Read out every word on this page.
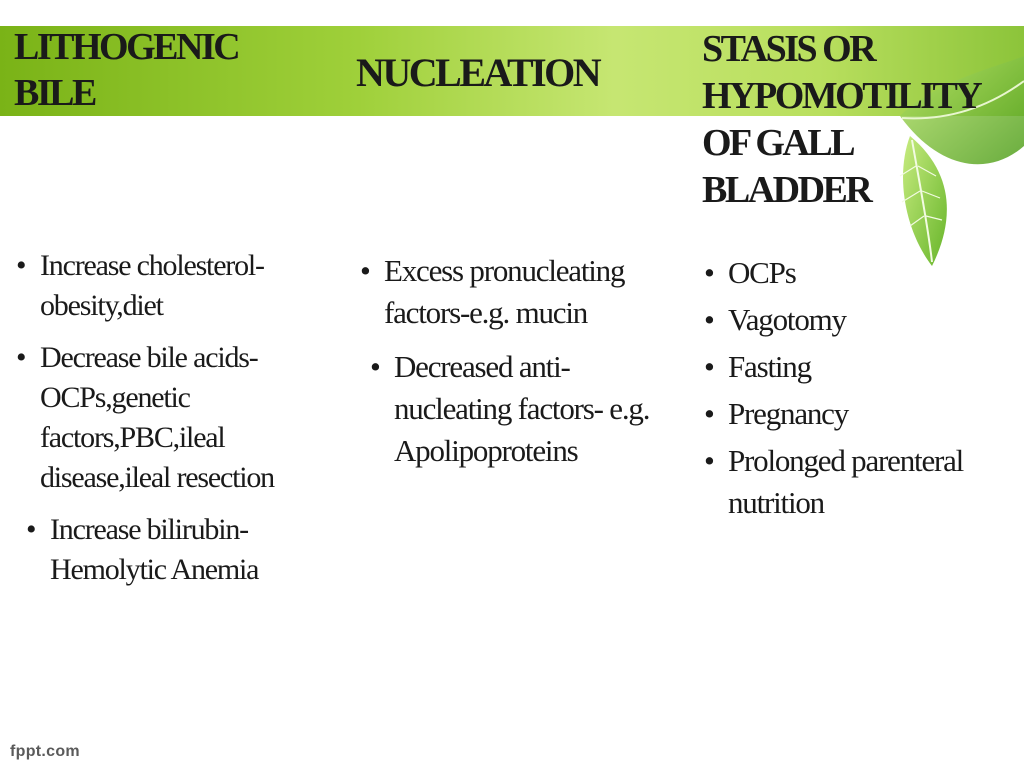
LITHOGENIC
BILE	NUCLEATION
STASIS OR
HYPOMOTILITY
OF GALL
BLADDER
• Increase cholesterol-obesity,diet
• Decrease bile acids-OCPs,genetic factors,PBC,ileal disease,ileal resection
• Increase bilirubin-Hemolytic Anemia
• Excess pronucleating factors-e.g. mucin
• Decreased anti-nucleating factors- e.g. Apolipoproteins
• OCPs
• Vagotomy
• Fasting
• Pregnancy
• Prolonged parenteral nutrition
fppt.com
